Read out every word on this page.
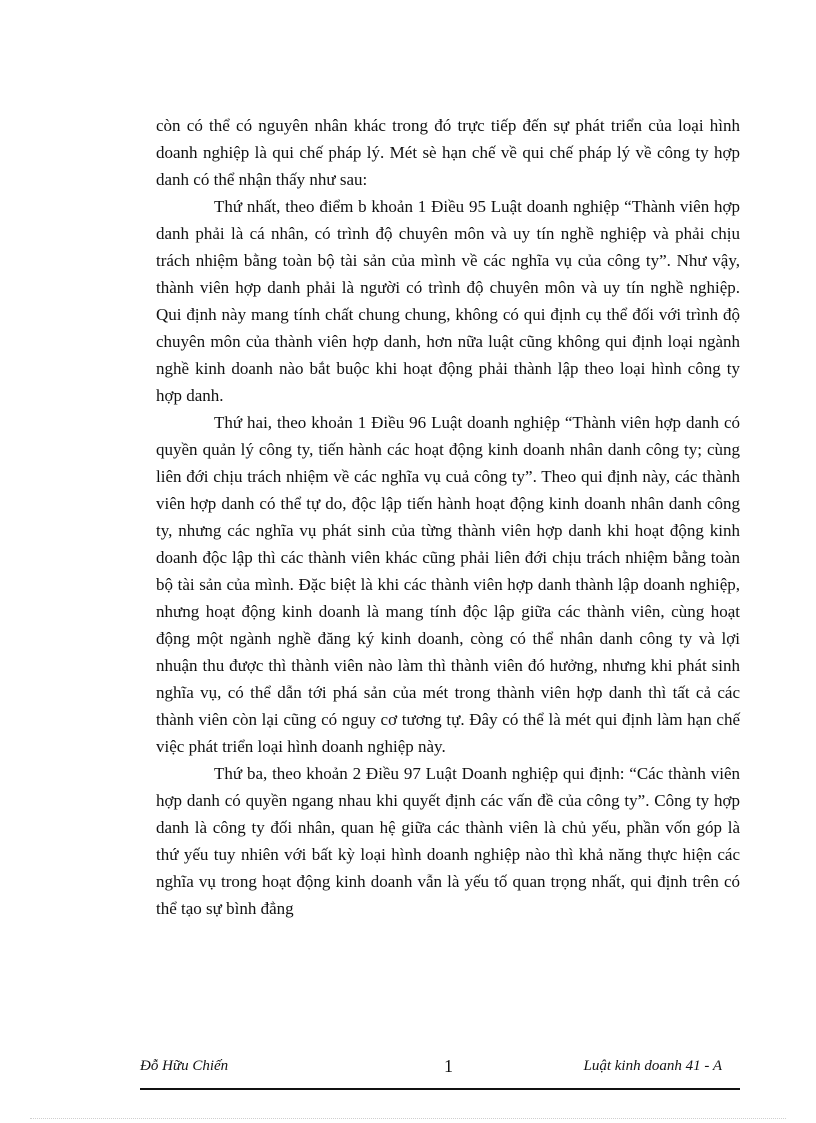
còn có thể có nguyên nhân khác trong đó trực tiếp đến sự phát triển của loại hình doanh nghiệp là qui chế pháp lý. Mét sè hạn chế về qui chế pháp lý về công ty hợp danh có thể nhận thấy như sau:

Thứ nhất, theo điểm b khoản 1 Điều 95 Luật doanh nghiệp “Thành viên hợp danh phải là cá nhân, có trình độ chuyên môn và uy tín nghề nghiệp và phải chịu trách nhiệm bằng toàn bộ tài sản của mình về các nghĩa vụ của công ty”. Như vậy, thành viên hợp danh phải là người có trình độ chuyên môn và uy tín nghề nghiệp. Qui định này mang tính chất chung chung, không có qui định cụ thể đối với trình độ chuyên môn của thành viên hợp danh, hơn nữa luật cũng không qui định loại ngành nghề kinh doanh nào bắt buộc khi hoạt động phải thành lập theo loại hình công ty hợp danh.

Thứ hai, theo khoản 1 Điều 96 Luật doanh nghiệp “Thành viên hợp danh có quyền quản lý công ty, tiến hành các hoạt động kinh doanh nhân danh công ty; cùng liên đới chịu trách nhiệm về các nghĩa vụ cuả công ty”. Theo qui định này, các thành viên hợp danh có thể tự do, độc lập tiến hành hoạt động kinh doanh nhân danh công ty, nhưng các nghĩa vụ phát sinh của từng thành viên hợp danh khi hoạt động kinh doanh độc lập thì các thành viên khác cũng phải liên đới chịu trách nhiệm bằng toàn bộ tài sản của mình. Đặc biệt là khi các thành viên hợp danh thành lập doanh nghiệp, nhưng hoạt động kinh doanh là mang tính độc lập giữa các thành viên, cùng hoạt động một ngành nghề đăng ký kinh doanh, còng có thể nhân danh công ty và lợi nhuận thu được thì thành viên nào làm thì thành viên đó hưởng, nhưng khi phát sinh nghĩa vụ, có thể dẫn tới phá sản của mét trong thành viên hợp danh thì tất cả các thành viên còn lại cũng có nguy cơ tương tự. Đây có thể là mét qui định làm hạn chế việc phát triển loại hình doanh nghiệp này.

Thứ ba, theo khoản 2 Điều 97 Luật Doanh nghiệp qui định: “Các thành viên hợp danh có quyền ngang nhau khi quyết định các vấn đề của công ty”. Công ty hợp danh là công ty đối nhân, quan hệ giữa các thành viên là chủ yếu, phần vốn góp là thứ yếu tuy nhiên với bất kỳ loại hình doanh nghiệp nào thì khả năng thực hiện các nghĩa vụ trong hoạt động kinh doanh vẫn là yếu tố quan trọng nhất, qui định trên có thể tạo sự bình đẳng

Đỗ Hữu Chiến	1	Luật kinh doanh 41 - A
